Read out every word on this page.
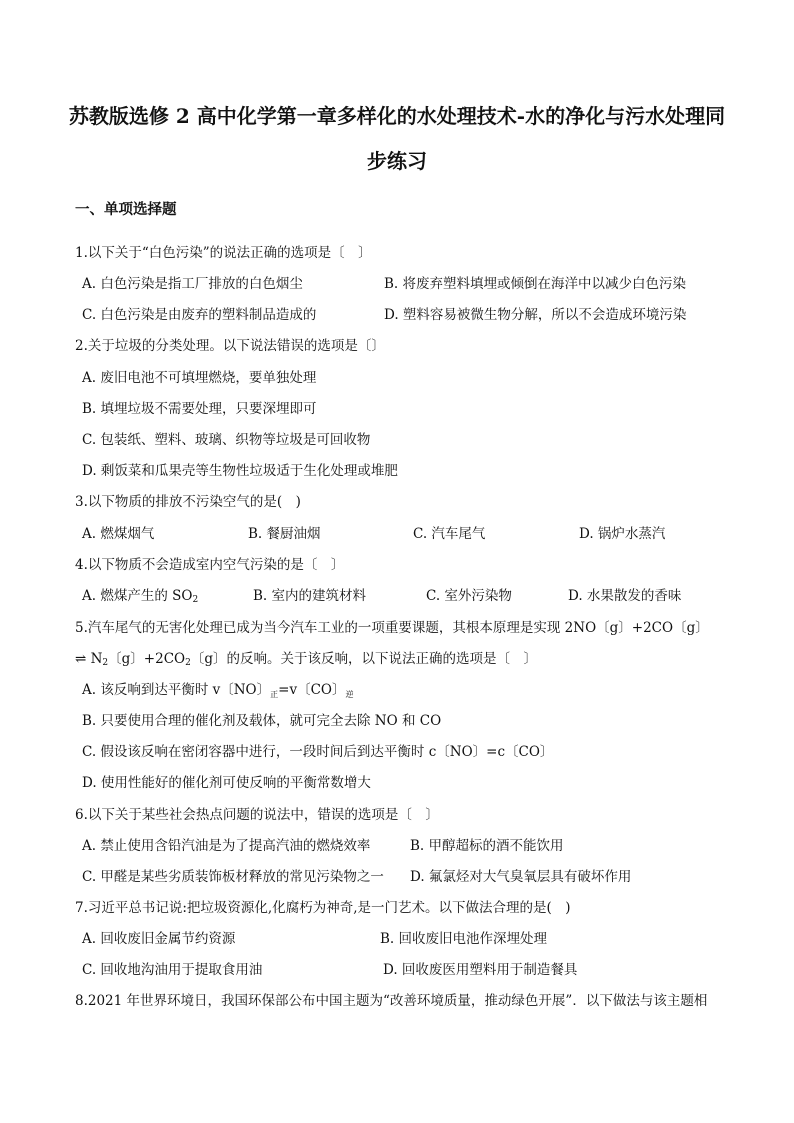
苏教版选修 2 高中化学第一章多样化的水处理技术-水的净化与污水处理同
步练习
一、单项选择题
1.以下关于“白色污染”的说法正确的选项是〔　〕
A. 白色污染是指工厂排放的白色烟尘	B. 将废弃塑料填埋或倾倒在海洋中以减少白色污染
C. 白色污染是由废弃的塑料制品造成的	D. 塑料容易被微生物分解，所以不会造成环境污染
2.关于垃圾的分类处理。以下说法错误的选项是〔〕
A. 废旧电池不可填埋燃烧，要单独处理
B. 填埋垃圾不需要处理，只要深埋即可
C. 包装纸、塑料、玻璃、织物等垃圾是可回收物
D. 剩饭菜和瓜果壳等生物性垃圾适于生化处理或堆肥
3.以下物质的排放不污染空气的是(　)
A. 燃煤烟气	B. 餐厨油烟	C. 汽车尾气	D. 锅炉水蒸汽
4.以下物质不会造成室内空气污染的是〔　〕
A. 燃煤产生的 $SO_2$	B. 室内的建筑材料	C. 室外污染物	D. 水果散发的香味
5.汽车尾气的无害化处理已成为当今汽车工业的一项重要课题，其根本原理是实现 2NO〔g〕+2CO〔g〕
⇌ $N_2$〔g〕$+2CO_2$〔g〕的反响。关于该反响，以下说法正确的选项是〔　〕
A. 该反响到达平衡时 v〔NO〕$_正$=v〔CO〕$_逆$
B. 只要使用合理的催化剂及载体，就可完全去除 NO 和 CO
C. 假设该反响在密闭容器中进行，一段时间后到达平衡时 c〔NO〕=c〔CO〕
D. 使用性能好的催化剂可使反响的平衡常数增大
6.以下关于某些社会热点问题的说法中，错误的选项是〔　〕
A. 禁止使用含铅汽油是为了提高汽油的燃烧效率	B. 甲醇超标的酒不能饮用
C. 甲醛是某些劣质装饰板材释放的常见污染物之一 D. 氟氯烃对大气臭氧层具有破坏作用
7.习近平总书记说:把垃圾资源化,化腐朽为神奇,是一门艺术。以下做法合理的是(　)
A. 回收废旧金属节约资源	B. 回收废旧电池作深埋处理
C. 回收地沟油用于提取食用油	D. 回收废医用塑料用于制造餐具
8.2021 年世界环境日，我国环保部公布中国主题为“改善环境质量，推动绿色开展”．以下做法与该主题相
